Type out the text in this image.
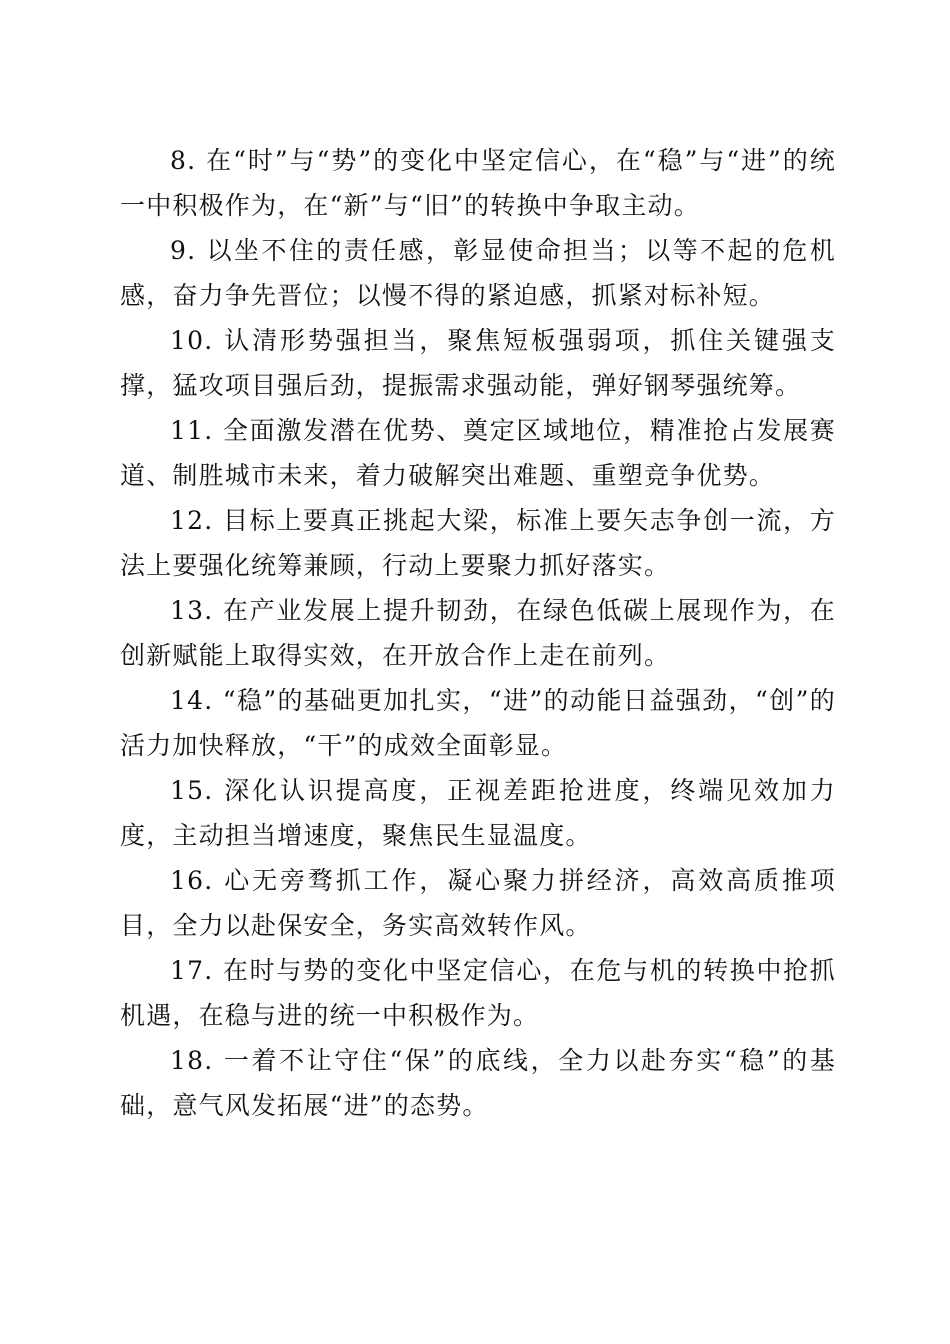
8. 在“时”与“势”的变化中坚定信心，在“稳”与“进”的统一中积极作为，在“新”与“旧”的转换中争取主动。

9. 以坐不住的责任感，彰显使命担当；以等不起的危机感，奋力争先晋位；以慢不得的紧迫感，抓紧对标补短。

10. 认清形势强担当，聚焦短板强弱项，抓住关键强支撑，猛攻项目强后劲，提振需求强动能，弹好钢琴强统筹。

11. 全面激发潜在优势、奠定区域地位，精准抢占发展赛道、制胜城市未来，着力破解突出难题、重塑竞争优势。

12. 目标上要真正挑起大梁，标准上要矢志争创一流，方法上要强化统筹兼顾，行动上要聚力抓好落实。

13. 在产业发展上提升韧劲，在绿色低碳上展现作为，在创新赋能上取得实效，在开放合作上走在前列。

14. “稳”的基础更加扎实，“进”的动能日益强劲，“创”的活力加快释放，“干”的成效全面彰显。

15. 深化认识提高度，正视差距抢进度，终端见效加力度，主动担当增速度，聚焦民生显温度。

16. 心无旁骛抓工作，凝心聚力拼经济，高效高质推项目，全力以赴保安全，务实高效转作风。

17. 在时与势的变化中坚定信心，在危与机的转换中抢抓机遇，在稳与进的统一中积极作为。

18. 一着不让守住“保”的底线，全力以赴夯实“稳”的基础，意气风发拓展“进”的态势。
